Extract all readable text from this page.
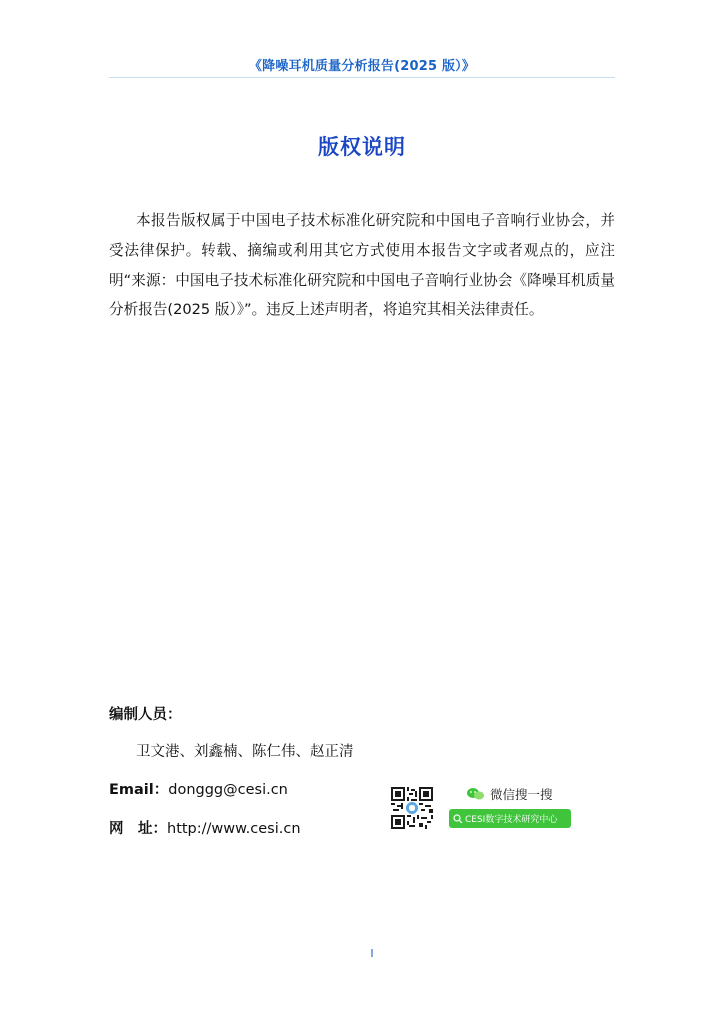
《降噪耳机质量分析报告(2025 版）》
版权说明

本报告版权属于中国电子技术标准化研究院和中国电子音响行业协会，并受法律保护。转载、摘编或利用其它方式使用本报告文字或者观点的，应注明“来源：中国电子技术标准化研究院和中国电子音响行业协会《降噪耳机质量分析报告(2025 版）》”。违反上述声明者，将追究其相关法律责任。

编制人员：
卫文港、刘鑫楠、陈仁伟、赵正清
Email：donggg@cesi.cn
网　址：http://www.cesi.cn
微信搜一搜
CESI数字技术研究中心
I
